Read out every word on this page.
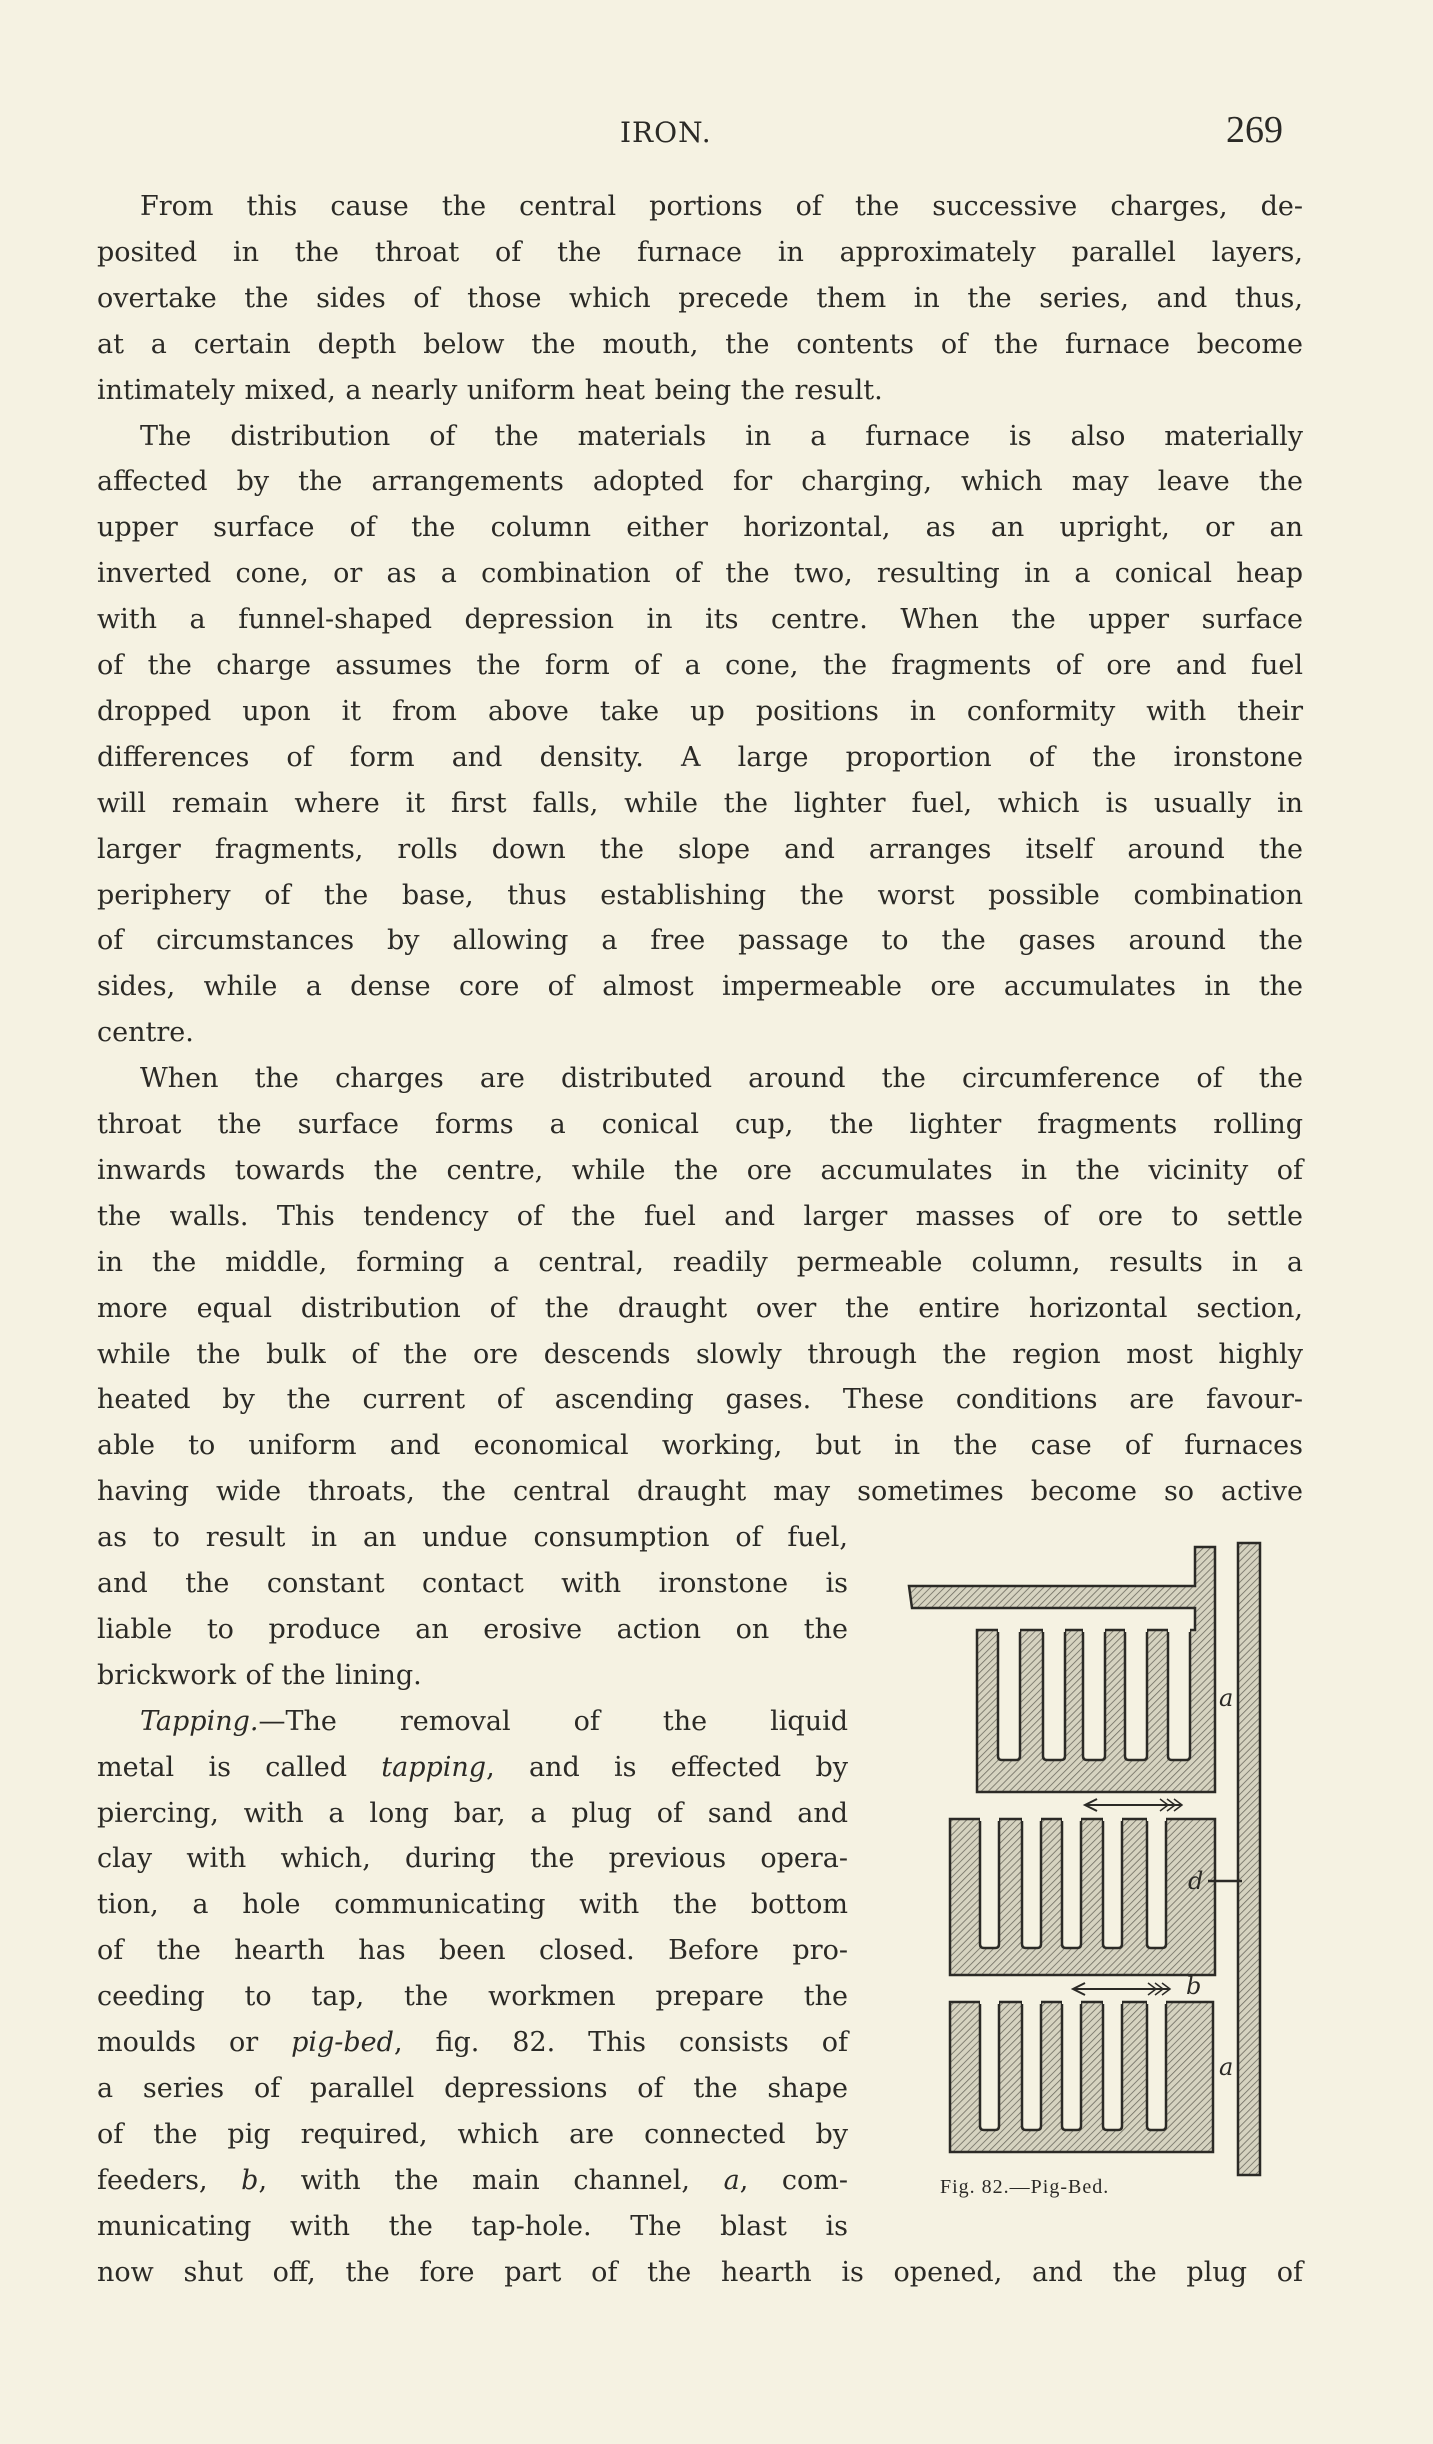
IRON.	269
From this cause the central portions of the successive charges, de-
posited in the throat of the furnace in approximately parallel layers,
overtake the sides of those which precede them in the series, and thus,
at a certain depth below the mouth, the contents of the furnace become
intimately mixed, a nearly uniform heat being the result.
The distribution of the materials in a furnace is also materially
affected by the arrangements adopted for charging, which may leave the
upper surface of the column either horizontal, as an upright, or an
inverted cone, or as a combination of the two, resulting in a conical heap
with a funnel-shaped depression in its centre. When the upper surface
of the charge assumes the form of a cone, the fragments of ore and fuel
dropped upon it from above take up positions in conformity with their
differences of form and density. A large proportion of the ironstone
will remain where it first falls, while the lighter fuel, which is usually in
larger fragments, rolls down the slope and arranges itself around the
periphery of the base, thus establishing the worst possible combination
of circumstances by allowing a free passage to the gases around the
sides, while a dense core of almost impermeable ore accumulates in the
centre.
When the charges are distributed around the circumference of the
throat the surface forms a conical cup, the lighter fragments rolling
inwards towards the centre, while the ore accumulates in the vicinity of
the walls. This tendency of the fuel and larger masses of ore to settle
in the middle, forming a central, readily permeable column, results in a
more equal distribution of the draught over the entire horizontal section,
while the bulk of the ore descends slowly through the region most highly
heated by the current of ascending gases. These conditions are favour-
able to uniform and economical working, but in the case of furnaces
having wide throats, the central draught may sometimes become so active
as to result in an undue consumption of fuel,
and the constant contact with ironstone is
liable to produce an erosive action on the
brickwork of the lining.
Tapping.—The removal of the liquid
metal is called tapping, and is effected by
piercing, with a long bar, a plug of sand and
clay with which, during the previous opera-
tion, a hole communicating with the bottom
of the hearth has been closed. Before pro-
ceeding to tap, the workmen prepare the
moulds or pig-bed, fig. 82. This consists of
a series of parallel depressions of the shape
of the pig required, which are connected by
feeders, b, with the main channel, a, com-
municating with the tap-hole. The blast is
now shut off, the fore part of the hearth is opened, and the plug of
a
d
b
a
Fig. 82.—Pig-Bed.
